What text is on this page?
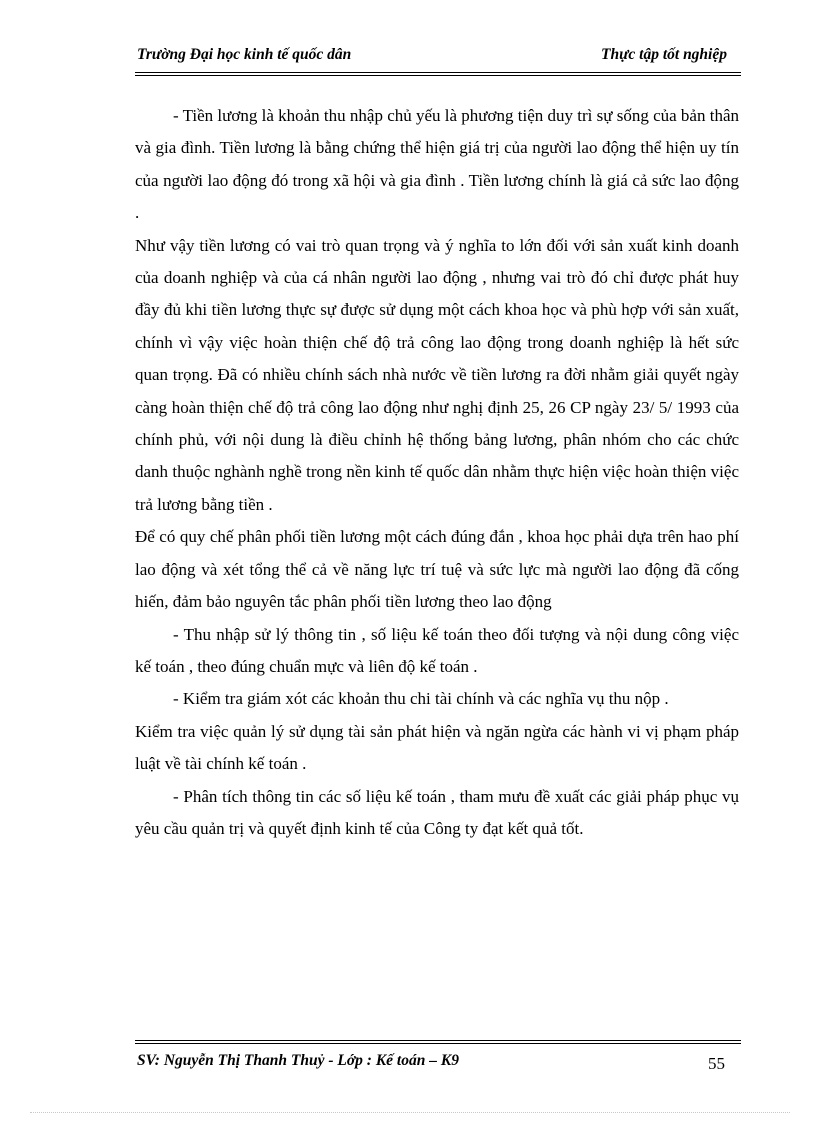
Trường Đại học kinh tế quốc dân	Thực tập tốt nghiệp

- Tiền lương là khoản thu nhập chủ yếu là phương tiện duy trì sự sống của bản thân và gia đình. Tiền lương là bằng chứng thể hiện giá trị của người lao động thể hiện uy tín của người lao động đó trong xã hội và gia đình . Tiền lương chính là giá cả sức lao động .

Như vậy tiền lương có vai trò quan trọng và ý nghĩa to lớn đối với sản xuất kinh doanh của doanh nghiệp và của cá nhân người lao động , nhưng vai trò đó chỉ được phát huy đầy đủ khi tiền lương thực sự được sử dụng một cách khoa học và phù hợp với sản xuất, chính vì vậy việc hoàn thiện chế độ trả công lao động trong doanh nghiệp là hết sức quan trọng. Đã có nhiều chính sách nhà nước về tiền lương ra đời nhằm giải quyết ngày càng hoàn thiện chế độ trả công lao động như nghị định 25, 26 CP ngày 23/ 5/ 1993 của chính phủ, với nội dung là điều chỉnh hệ thống bảng lương, phân nhóm cho các chức danh thuộc nghành nghề trong nền kinh tế quốc dân nhằm thực hiện việc hoàn thiện việc trả lương bằng tiền .

Để có quy chế phân phối tiền lương một cách đúng đắn , khoa học phải dựa trên hao phí lao động và xét tổng thể cả về năng lực trí tuệ và sức lực mà người lao động đã cống hiến, đảm bảo nguyên tắc phân phối tiền lương theo lao động

- Thu nhập sử lý thông tin , số liệu kế toán theo đối tượng và nội dung công việc kế toán , theo đúng chuẩn mực và liên độ kế toán .

- Kiểm tra giám xót các khoản thu chi tài chính và các nghĩa vụ thu nộp .

Kiểm tra việc quản lý sử dụng tài sản phát hiện và ngăn ngừa các hành vi vị phạm pháp luật về tài chính kế toán .

- Phân tích thông tin các số liệu kế toán , tham mưu đề xuất các giải pháp phục vụ yêu cầu quản trị và quyết định kinh tế của Công ty đạt kết quả tốt.

SV: Nguyễn Thị Thanh Thuỷ - Lớp : Kế toán – K9	55
